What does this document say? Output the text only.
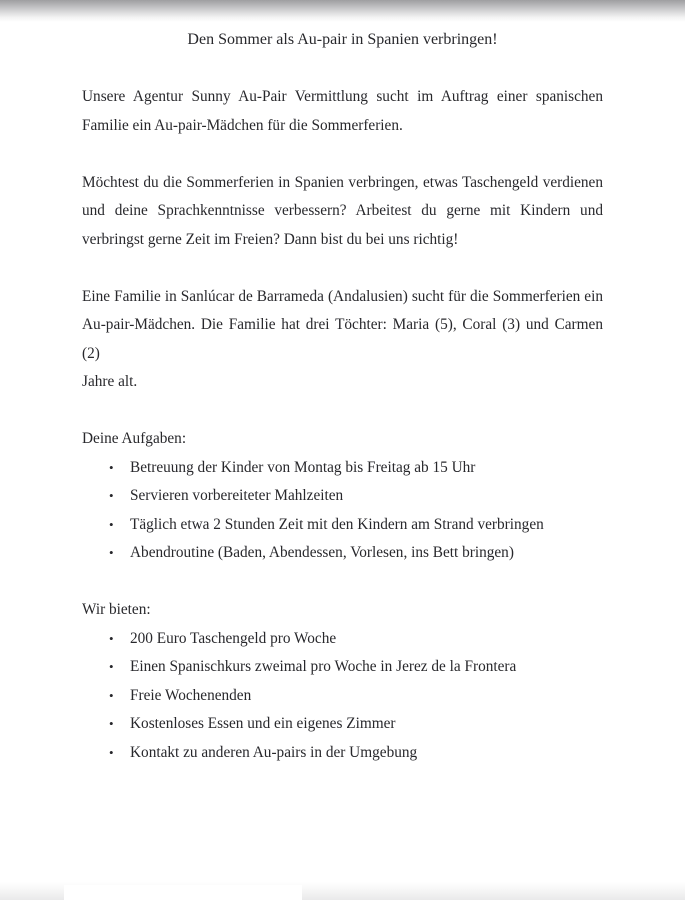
Den Sommer als Au-pair in Spanien verbringen!
Unsere Agentur Sunny Au-Pair Vermittlung sucht im Auftrag einer spanischen
Familie ein Au-pair-Mädchen für die Sommerferien.
Möchtest du die Sommerferien in Spanien verbringen, etwas Taschengeld verdienen
und deine Sprachkenntnisse verbessern? Arbeitest du gerne mit Kindern und
verbringst gerne Zeit im Freien? Dann bist du bei uns richtig!
Eine Familie in Sanlúcar de Barrameda (Andalusien) sucht für die Sommerferien ein
Au-pair-Mädchen. Die Familie hat drei Töchter: Maria (5), Coral (3) und Carmen (2)
Jahre alt.
Deine Aufgaben:
•	Betreuung der Kinder von Montag bis Freitag ab 15 Uhr
•	Servieren vorbereiteter Mahlzeiten
•	Täglich etwa 2 Stunden Zeit mit den Kindern am Strand verbringen
•	Abendroutine (Baden, Abendessen, Vorlesen, ins Bett bringen)
Wir bieten:
•	200 Euro Taschengeld pro Woche
•	Einen Spanischkurs zweimal pro Woche in Jerez de la Frontera
•	Freie Wochenenden
•	Kostenloses Essen und ein eigenes Zimmer
•	Kontakt zu anderen Au-pairs in der Umgebung
